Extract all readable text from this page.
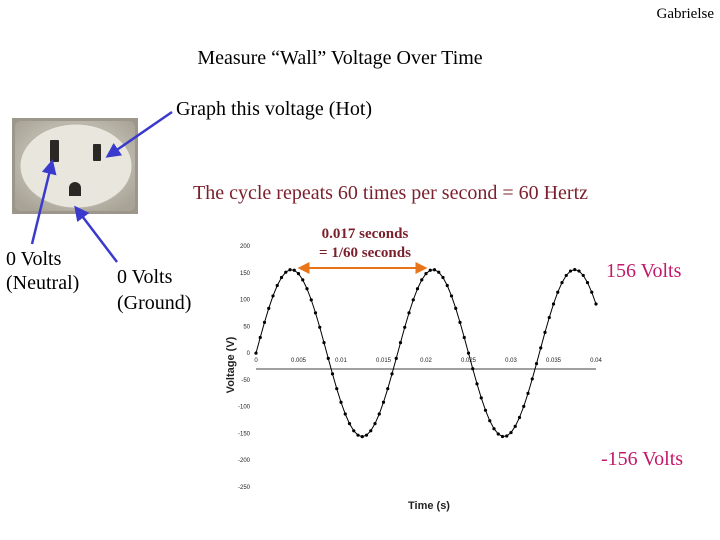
Gabrielse
Measure “Wall” Voltage Over Time
Graph this voltage (Hot)
The cycle repeats 60 times per second = 60 Hertz
0 Volts
(Neutral) 0 Volts
(Ground)
0.017 seconds
= 1/60 seconds
156 Volts
-156 Volts
200
150
100
50
0
-50
-100
-150
-200
-250
0	0.005	0.01	0.015	0.02	0.025	0.03	0.035	0.04
Voltage (V)
Time (s)
